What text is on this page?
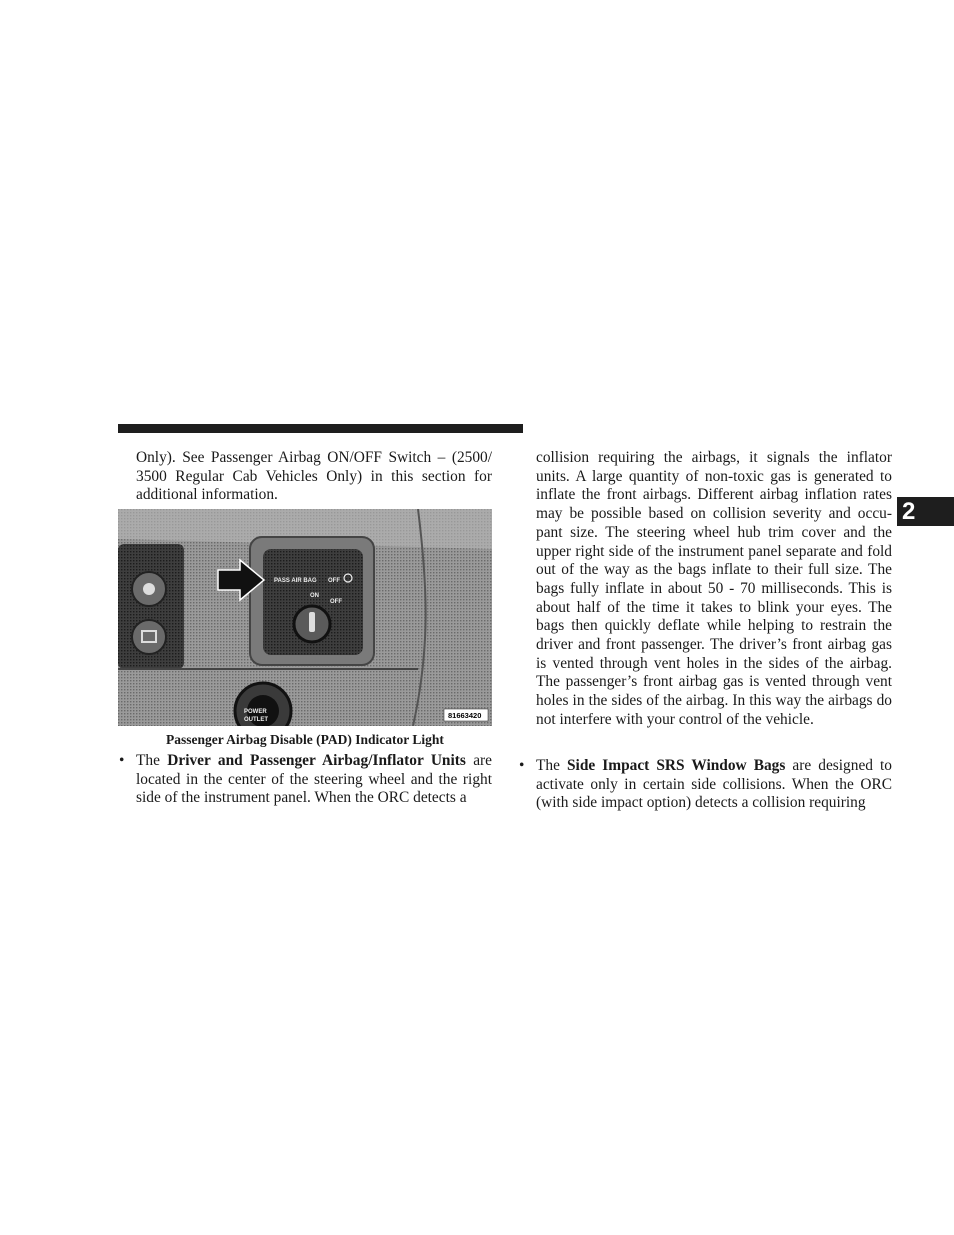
2

Only). See Passenger Airbag ON/OFF Switch – (2500/ 3500 Regular Cab Vehicles Only) in this section for additional information.

PASS AIR BAG OFF
ON
OFF
POWER
OUTLET	81663420
Passenger Airbag Disable (PAD) Indicator Light
• The Driver and Passenger Airbag/Inflator Units are located in the center of the steering wheel and the right side of the instrument panel. When the ORC detects a

collision requiring the airbags, it signals the inflator units. A large quantity of non-toxic gas is generated to inflate the front airbags. Different airbag inflation rates may be possible based on collision severity and occu- pant size. The steering wheel hub trim cover and the upper right side of the instrument panel separate and fold out of the way as the bags inflate to their full size. The bags fully inflate in about 50 - 70 milliseconds. This is about half of the time it takes to blink your eyes. The bags then quickly deflate while helping to restrain the driver and front passenger. The driver’s front airbag gas is vented through vent holes in the sides of the airbag. The passenger’s front airbag gas is vented through vent holes in the sides of the airbag. In this way the airbags do not interfere with your control of the vehicle.

• The Side Impact SRS Window Bags are designed to activate only in certain side collisions. When the ORC (with side impact option) detects a collision requiring
